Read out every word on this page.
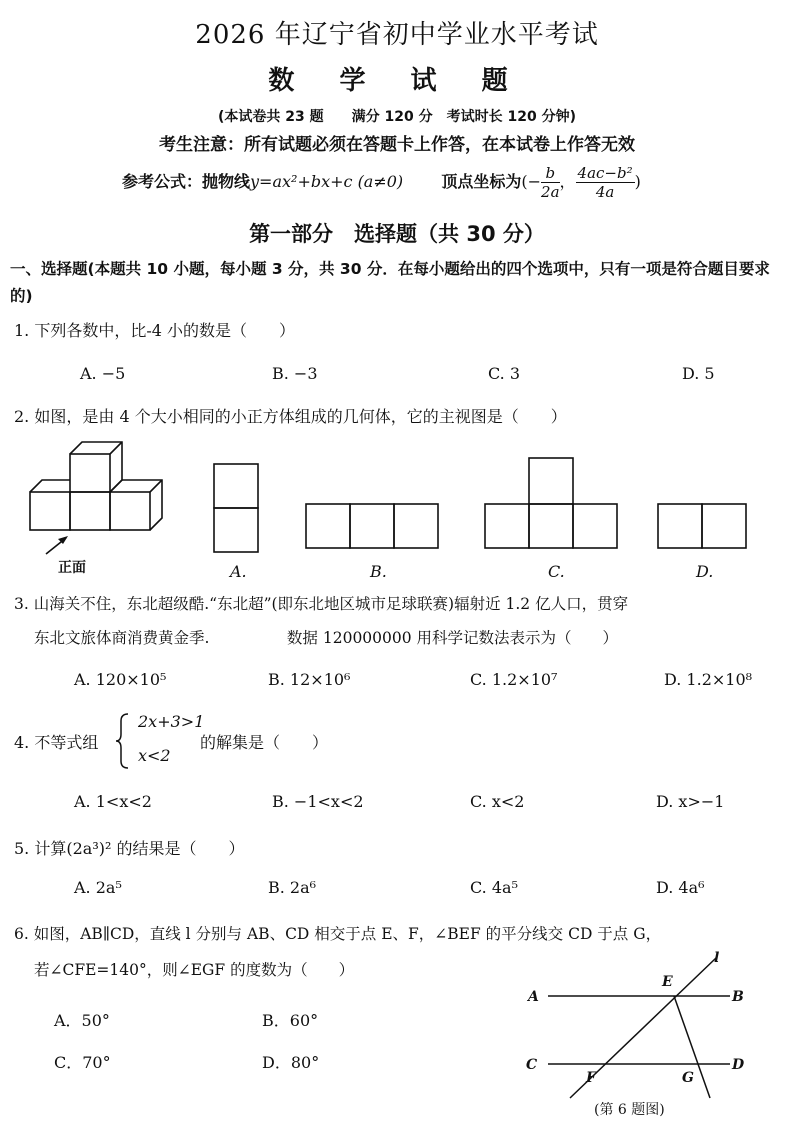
2026 年辽宁省初中学业水平考试
数 学 试 题
(本试卷共 23 题　　满分 120 分　考试时长 120 分钟)
考生注意：所有试题必须在答题卡上作答，在本试卷上作答无效
参考公式：抛物线y=ax²+bx+c (a≠0) 顶点坐标为(− $\frac{b}{2a}$ ， $\frac{\text{4ac−b²}}{4a}$ )
第一部分　选择题（共 30 分）
一、选择题(本题共 10 小题，每小题 3 分，共 30 分．在每小题给出的四个选项中，只有一项是符合题目要求的)
1. 下列各数中，比-4 小的数是（　　）
A. −5	B. −3	C. 3	D. 5
2. 如图，是由 4 个大小相同的小正方体组成的几何体，它的主视图是（　　）
正面	A.	B.	C.	D.
3. 山海关不住，东北超级酷.“东北超”(即东北地区城市足球联赛)辐射近 1.2 亿人口，贯穿
东北文旅体商消费黄金季.　　　　　数据 120000000 用科学记数法表示为（　　）
A. 120×10⁵	B. 12×10⁶	C. 1.2×10⁷	D. 1.2×10⁸
4. 不等式组
2x+3>1
x<2
的解集是（　　）
A. 1<x<2	B. −1<x<2	C. x<2	D. x>−1
5. 计算(2a³)² 的结果是（　　）
A. 2a⁵	B. 2a⁶	C. 4a⁵	D. 4a⁶
6. 如图，AB∥CD，直线 l 分别与 AB、CD 相交于点 E、F，∠BEF 的平分线交 CD 于点 G，
若∠CFE=140°，则∠EGF 的度数为（　　）
A．50°	B．60°
C．70°	D．80°
A	B
C	D
E
F	G
l
(第 6 题图)
